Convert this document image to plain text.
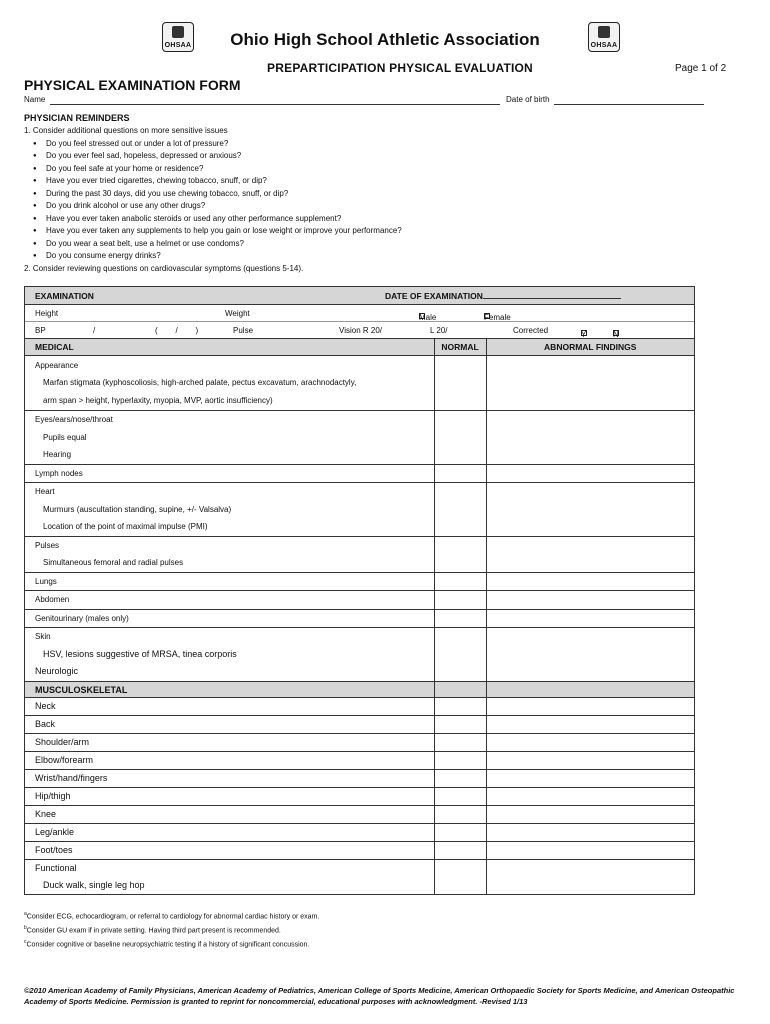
OHSAA	OHSAA
Ohio High School Athletic Association
PREPARTICIPATION PHYSICAL EVALUATION	Page 1 of 2
PHYSICAL EXAMINATION FORM
Name	Date of birth
PHYSICIAN REMINDERS
1. Consider additional questions on more sensitive issues
● Do you feel stressed out or under a lot of pressure?
● Do you ever feel sad, hopeless, depressed or anxious?
● Do you feel safe at your home or residence?
● Have you ever tried cigarettes, chewing tobacco, snuff, or dip?
● During the past 30 days, did you use chewing tobacco, snuff, or dip?
● Do you drink alcohol or use any other drugs?
● Have you ever taken anabolic steroids or used any other performance supplement?
● Have you ever taken any supplements to help you gain or lose weight or improve your performance?
● Do you wear a seat belt, use a helmet or use condoms?
● Do you consume energy drinks?
2. Consider reviewing questions on cardiovascular symptoms (questions 5-14).
EXAMINATION	DATE OF EXAMINATION
Height	Weight	Male	Female
BP	/	(        /        )	Pulse	Vision R 20/	L 20/	Corrected	Y	N
MEDICAL	NORMAL	ABNORMAL FINDINGS

Appearance
Marfan stigmata (kyphoscoliosis, high-arched palate, pectus excavatum, arachnodactyly,
arm span > height, hyperlaxity, myopia, MVP, aortic insufficiency)		

Eyes/ears/nose/throat
Pupils equal
Hearing		

Lymph nodes		

Heart
Murmurs (auscultation standing, supine, +/- Valsalva)
Location of the point of maximal impulse (PMI)		

Pulses
Simultaneous femoral and radial pulses		

Lungs		

Abdomen		

Genitourinary (males only)		

Skin
HSV, lesions suggestive of MRSA, tinea corporis
Neurologic		

MUSCULOSKELETAL		

Neck		

Back		

Shoulder/arm		

Elbow/forearm		

Wrist/hand/fingers		

Hip/thigh		

Knee		

Leg/ankle		

Foot/toes		

Functional
Duck walk, single leg hop		

$^a$Consider ECG, echocardiogram, or referral to cardiology for abnormal cardiac history or exam.
$^b$Consider GU exam if in private setting. Having third part present is recommended.
$^c$Consider cognitive or baseline neuropsychiatric testing if a history of significant concussion.
©2010 American Academy of Family Physicians, American Academy of Pediatrics, American College of Sports Medicine, American Orthopaedic Society for Sports Medicine, and American Osteopathic Academy of Sports Medicine. Permission is granted to reprint for noncommercial, educational purposes with acknowledgment. -Revised 1/13
